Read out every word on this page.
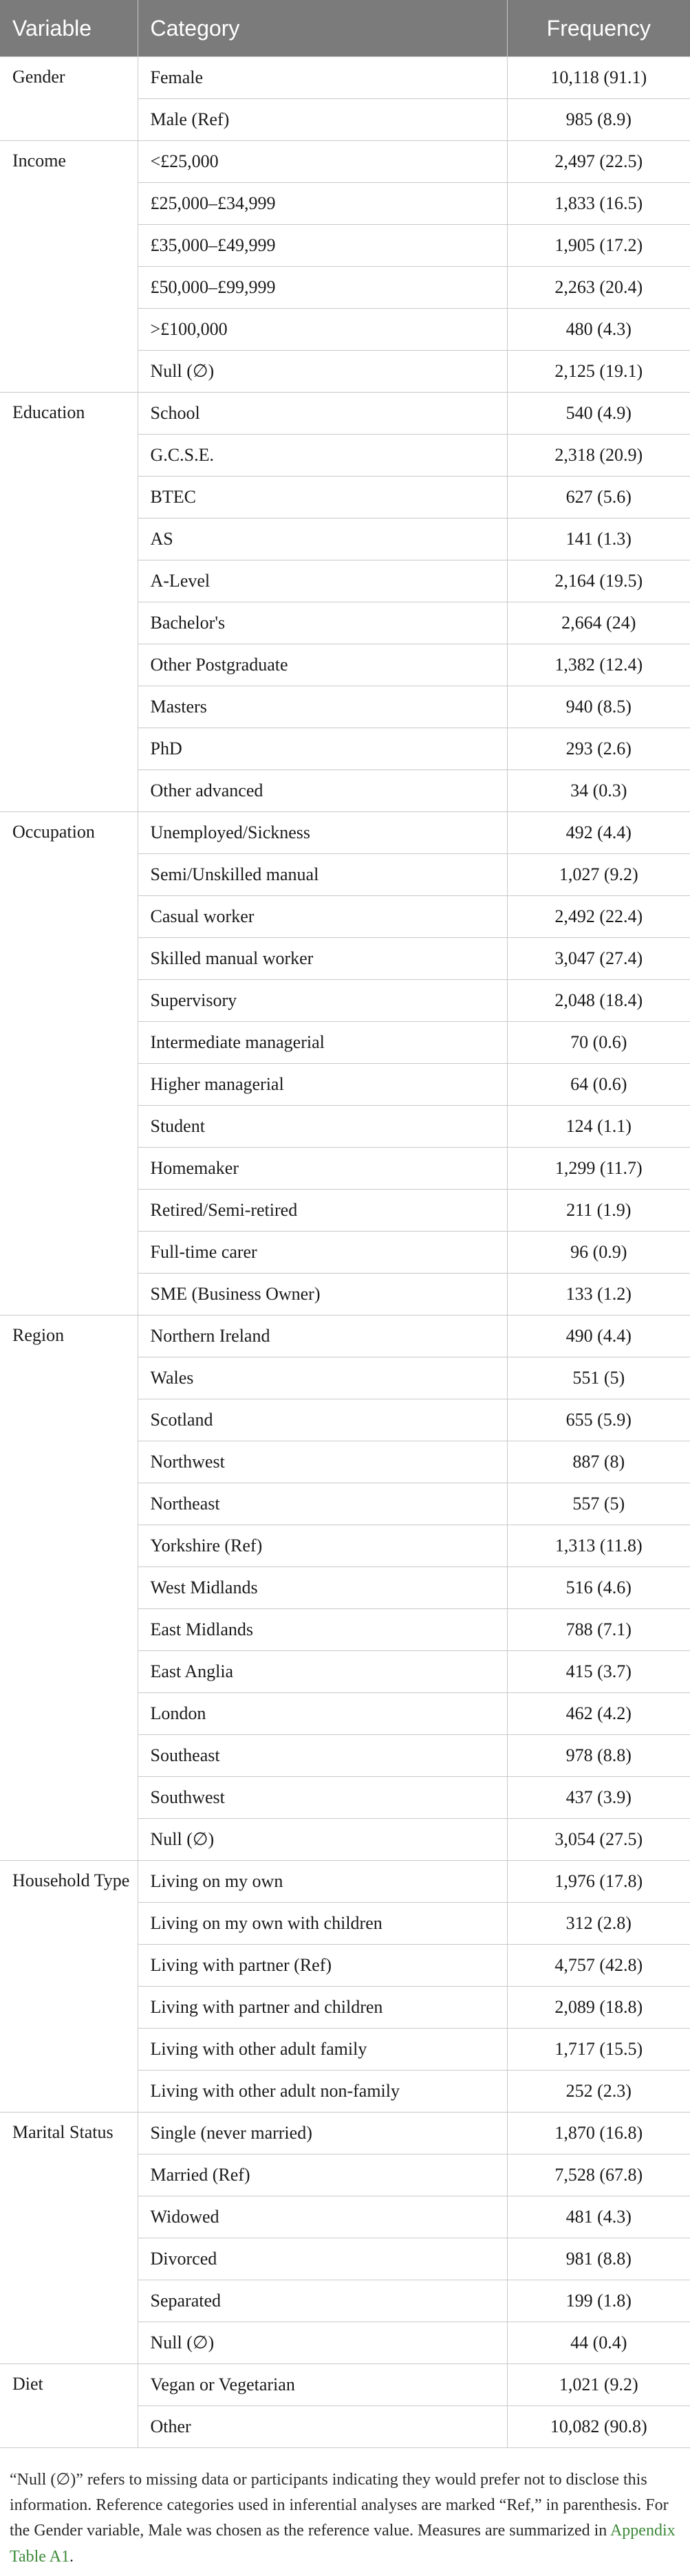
Variable	Category	Frequency
Gender	Female	10,118 (91.1)
	Male (Ref)	985 (8.9)
Income	<£25,000	2,497 (22.5)
	£25,000–£34,999	1,833 (16.5)
	£35,000–£49,999	1,905 (17.2)
	£50,000–£99,999	2,263 (20.4)
	>£100,000	480 (4.3)
	Null (∅)	2,125 (19.1)
Education	School	540 (4.9)
	G.C.S.E.	2,318 (20.9)
	BTEC	627 (5.6)
	AS	141 (1.3)
	A-Level	2,164 (19.5)
	Bachelor's	2,664 (24)
	Other Postgraduate	1,382 (12.4)
	Masters	940 (8.5)
	PhD	293 (2.6)
	Other advanced	34 (0.3)
Occupation	Unemployed/Sickness	492 (4.4)
	Semi/Unskilled manual	1,027 (9.2)
	Casual worker	2,492 (22.4)
	Skilled manual worker	3,047 (27.4)
	Supervisory	2,048 (18.4)
	Intermediate managerial	70 (0.6)
	Higher managerial	64 (0.6)
	Student	124 (1.1)
	Homemaker	1,299 (11.7)
	Retired/Semi-retired	211 (1.9)
	Full-time carer	96 (0.9)
	SME (Business Owner)	133 (1.2)
Region	Northern Ireland	490 (4.4)
	Wales	551 (5)
	Scotland	655 (5.9)
	Northwest	887 (8)
	Northeast	557 (5)
	Yorkshire (Ref)	1,313 (11.8)
	West Midlands	516 (4.6)
	East Midlands	788 (7.1)
	East Anglia	415 (3.7)
	London	462 (4.2)
	Southeast	978 (8.8)
	Southwest	437 (3.9)
	Null (∅)	3,054 (27.5)
Household Type	Living on my own	1,976 (17.8)
	Living on my own with children	312 (2.8)
	Living with partner (Ref)	4,757 (42.8)
	Living with partner and children	2,089 (18.8)
	Living with other adult family	1,717 (15.5)
	Living with other adult non-family	252 (2.3)
Marital Status	Single (never married)	1,870 (16.8)
	Married (Ref)	7,528 (67.8)
	Widowed	481 (4.3)
	Divorced	981 (8.8)
	Separated	199 (1.8)
	Null (∅)	44 (0.4)
Diet	Vegan or Vegetarian	1,021 (9.2)
	Other	10,082 (90.8)
“Null (∅)” refers to missing data or participants indicating they would prefer not to disclose this information. Reference categories used in inferential analyses are marked “Ref,” in parenthesis. For the Gender variable, Male was chosen as the reference value. Measures are summarized in Appendix Table A1.
